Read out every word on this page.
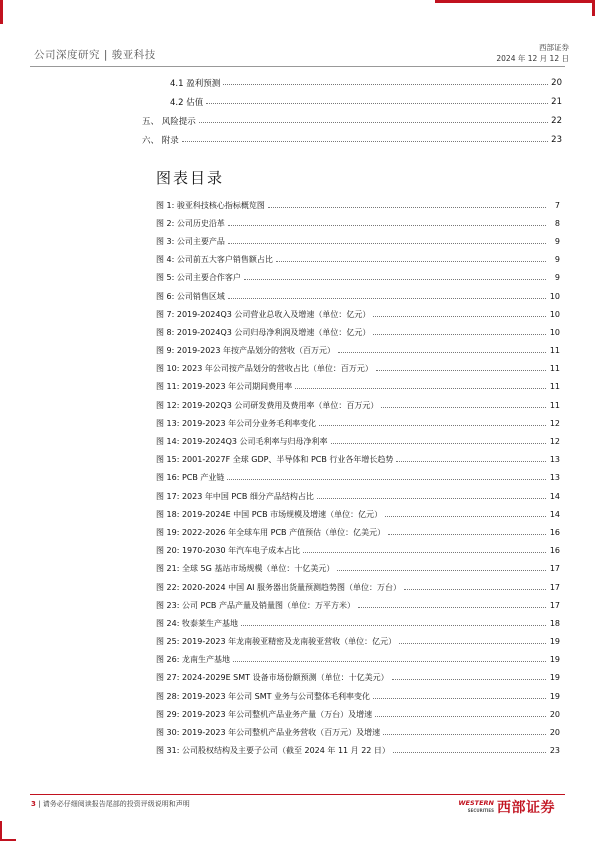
公司深度研究 | 骏亚科技
西部证券
2024 年 12 月 12 日
4.1 盈利预测	20
4.2 估值	21
五、 风险提示	22
六、 附录	23
图表目录
图 1: 骏亚科技核心指标概览图	7
图 2: 公司历史沿革	8
图 3: 公司主要产品	9
图 4: 公司前五大客户销售额占比	9
图 5: 公司主要合作客户	9
图 6: 公司销售区域	10
图 7: 2019-2024Q3 公司营业总收入及增速（单位：亿元）	10
图 8: 2019-2024Q3 公司归母净利润及增速（单位：亿元）	10
图 9: 2019-2023 年按产品划分的营收（百万元）	11
图 10: 2023 年公司按产品划分的营收占比（单位：百万元）	11
图 11: 2019-2023 年公司期间费用率	11
图 12: 2019-202Q3 公司研发费用及费用率（单位：百万元）	11
图 13: 2019-2023 年公司分业务毛利率变化	12
图 14: 2019-2024Q3 公司毛利率与归母净利率	12
图 15: 2001-2027F 全球 GDP、半导体和 PCB 行业各年增长趋势	13
图 16: PCB 产业链	13
图 17: 2023 年中国 PCB 细分产品结构占比	14
图 18: 2019-2024E 中国 PCB 市场规模及增速（单位：亿元）	14
图 19: 2022-2026 年全球车用 PCB 产值预估（单位：亿美元）	16
图 20: 1970-2030 年汽车电子成本占比	16
图 21: 全球 5G 基站市场规模（单位：十亿美元）	17
图 22: 2020-2024 中国 AI 服务器出货量预测趋势图（单位：万台）	17
图 23: 公司 PCB 产品产量及销量图（单位：万平方米）	17
图 24: 牧泰莱生产基地	18
图 25: 2019-2023 年龙南骏亚精密及龙南骏亚营收（单位：亿元）	19
图 26: 龙南生产基地	19
图 27: 2024-2029E SMT 设备市场份额预测（单位：十亿美元）	19
图 28: 2019-2023 年公司 SMT 业务与公司整体毛利率变化	19
图 29: 2019-2023 年公司整机产品业务产量（万台）及增速	20
图 30: 2019-2023 年公司整机产品业务营收（百万元）及增速	20
图 31: 公司股权结构及主要子公司（截至 2024 年 11 月 22 日）	23
3 | 请务必仔细阅读报告尾部的投资评级说明和声明	WESTERN
SECURITIES 西部证券
